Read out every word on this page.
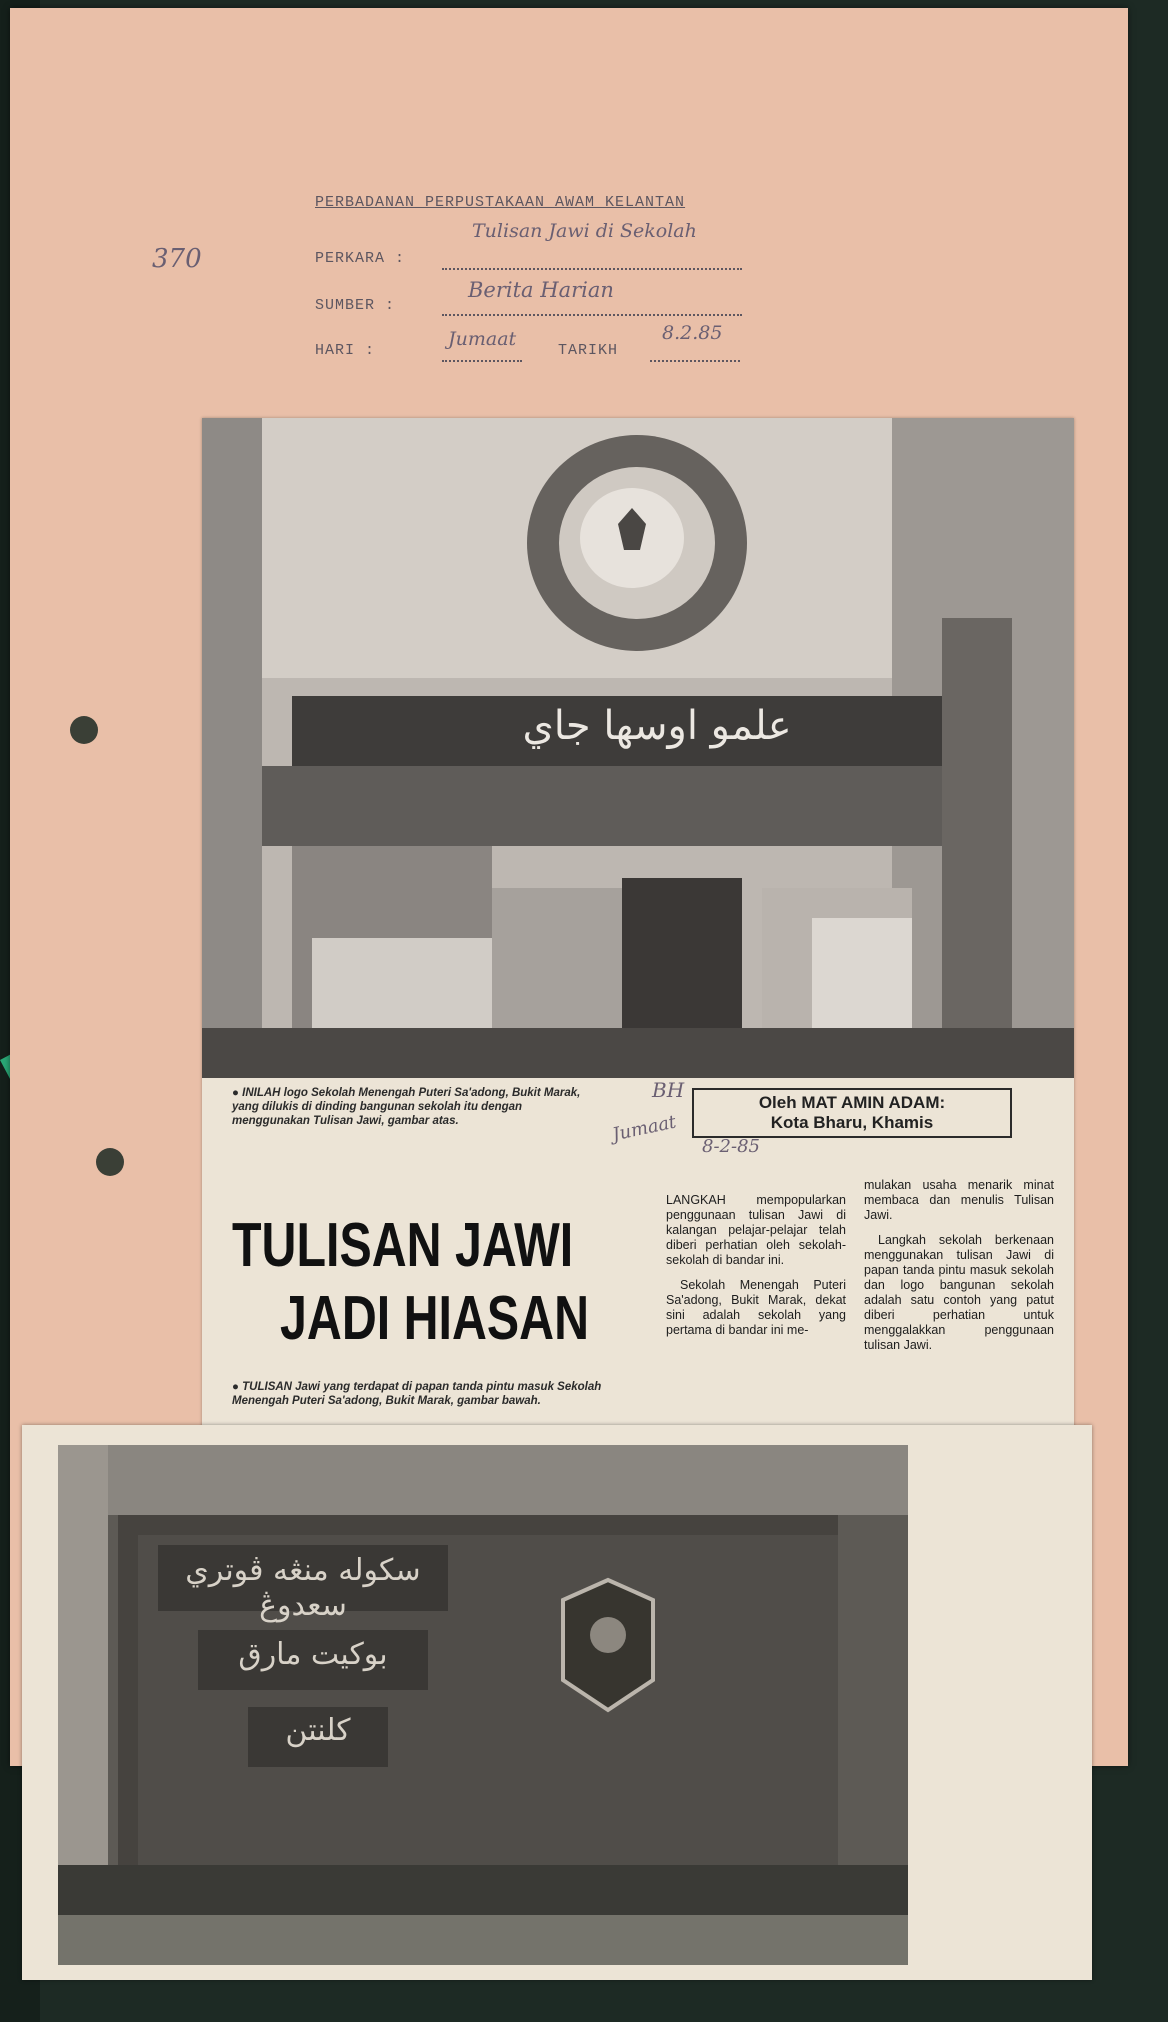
PERBADANAN PERPUSTAKAAN AWAM KELANTAN
370	PERKARA :
Tulisan Jawi di Sekolah
SUMBER :
Berita Harian
HARI :
Jumaat
TARIKH
8.2.85
علمو اوسها جاي
● INILAH logo Sekolah Menengah Puteri Sa'adong, Bukit Marak, yang dilukis di dinding bangunan sekolah itu dengan menggunakan Tulisan Jawi, gambar atas.
BH
Jumaat
8-2-85
Oleh MAT AMIN ADAM:
Kota Bharu, Khamis
TULISAN JAWI
JADI HIASAN
● TULISAN Jawi yang terdapat di papan tanda pintu masuk Sekolah Menengah Puteri Sa'adong, Bukit Marak, gambar bawah.

LANGKAH mempopularkan penggunaan tulisan Jawi di kalangan pelajar-pelajar telah diberi perhatian oleh sekolah-sekolah di bandar ini.

Sekolah Menengah Puteri Sa'adong, Bukit Marak, dekat sini adalah sekolah yang pertama di bandar ini me-

mulakan usaha menarik minat membaca dan menulis Tulisan Jawi.

Langkah sekolah berkenaan menggunakan tulisan Jawi di papan tanda pintu masuk sekolah dan logo bangunan sekolah adalah satu contoh yang patut diberi perhatian untuk menggalakkan penggunaan tulisan Jawi.

سکوله منڠه ڤوتري سعدوڠ
بوکيت مارق
کلنتن
